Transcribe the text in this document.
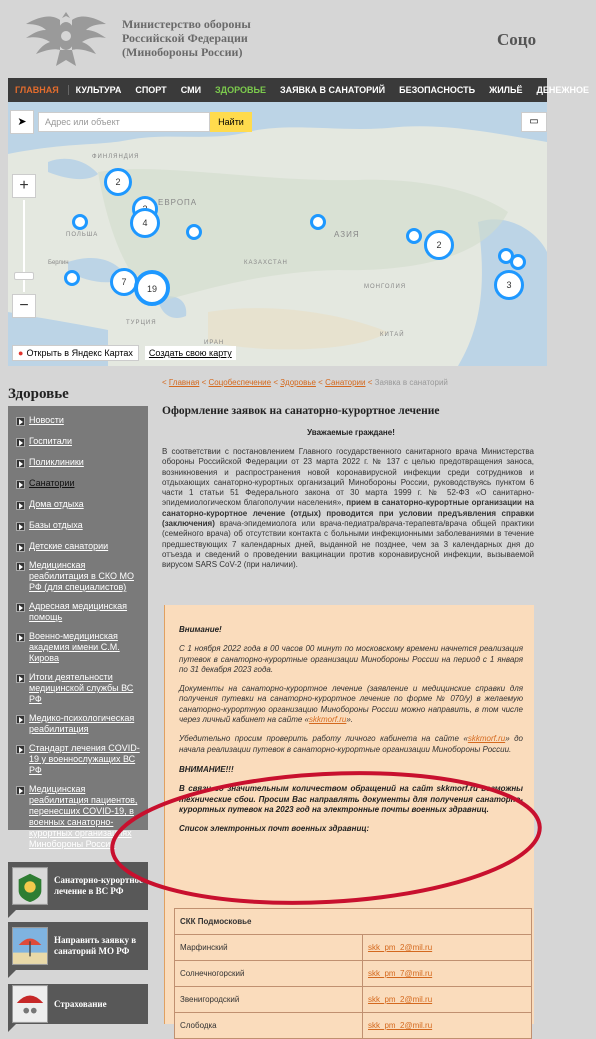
Министерство обороны
Российской Федерации
(Минобороны России)
Соцо
ГЛАВНАЯ	КУЛЬТУРА	СПОРТ	СМИ	ЗДОРОВЬЕ	ЗАЯВКА В САНАТОРИЙ	БЕЗОПАСНОСТЬ	ЖИЛЬЁ	ДЕНЕЖНОЕ
➤	Адрес или объект	Найти	▭
+
−
ЕВРОПА
АЗИЯ
ПОЛЬША
КАЗАХСТАН
МОНГОЛИЯ
ТУРЦИЯ
ИРАН
КИТАЙ
ФИНЛЯНДИЯ
Берлин
2
4
7
19
2
3
● Открыть в Яндекс Картах	Создать свою карту
Здоровье
Новости
Госпитали
Поликлиники
Санатории
Дома отдыха
Базы отдыха
Детские санатории
Медицинская реабилитация в СКО МО РФ (для специалистов)
Адресная медицинская помощь
Военно-медицинская академия имени С.М. Кирова
Итоги деятельности медицинской службы ВС РФ
Медико-психологическая реабилитация
Стандарт лечения COVID-19 у военнослужащих ВС РФ
Медицинская реабилитация пациентов, перенесших COVID-19, в военных санаторно-курортных организациях Минобороны России
Санаторно-курортное лечение в ВС РФ
Направить заявку в санаторий МО РФ
Страхование
< Главная < Соцобеспечение < Здоровье < Санатории < Заявка в санаторий
Оформление заявок на санаторно-курортное лечение
Уважаемые граждане!
В соответствии с постановлением Главного государственного санитарного врача Министерства обороны Российской Федерации от 23 марта 2022 г. № 137 с целью предотвращения заноса, возникновения и распространения новой коронавирусной инфекции среди сотрудников и отдыхающих санаторно-курортных организаций Минобороны России, руководствуясь пунктом 6 части 1 статьи 51 Федерального закона от 30 марта 1999 г. № 52-ФЗ «О санитарно-эпидемиологическом благополучии населения», прием в санаторно-курортные организации на санаторно-курортное лечение (отдых) проводится при условии предъявления справки (заключения) врача-эпидемиолога или врача-педиатра/врача-терапевта/врача общей практики (семейного врача) об отсутствии контакта с больными инфекционными заболеваниями в течение предшествующих 7 календарных дней, выданной не позднее, чем за 3 календарных дня до отъезда и сведений о проведении вакцинации против коронавирусной инфекции, вызываемой вирусом SARS CoV-2 (при наличии).

Внимание!

С 1 ноября 2022 года в 00 часов 00 минут по московскому времени начнется реализация путевок в санаторно-курортные организации Минобороны России на период с 1 января по 31 декабря 2023 года.

Документы на санаторно-курортное лечение (заявление и медицинские справки для получения путевки на санаторно-курортное лечение по форме № 070/у) в желаемую санаторно-курортную организацию Минобороны России можно направить, в том числе через личный кабинет на сайте «skkmorf.ru».

Убедительно просим проверить работу личного кабинета на сайте «skkmorf.ru» до начала реализации путевок в санаторно-курортные организации Минобороны России.

ВНИМАНИЕ!!!

В связи со значительным количеством обращений на сайт skkmorf.ru возможны технические сбои. Просим Вас направлять документы для получения санаторно-курортных путевок на 2023 год на электронные почты военных здравниц.

Список электронных почт военных здравниц:

СКК Подмосковье	
Марфинский	skk_pm_2@mil.ru
Солнечногорский	skk_pm_7@mil.ru
Звенигородский	skk_pm_2@mil.ru
Слободка	skk_pm_2@mil.ru
